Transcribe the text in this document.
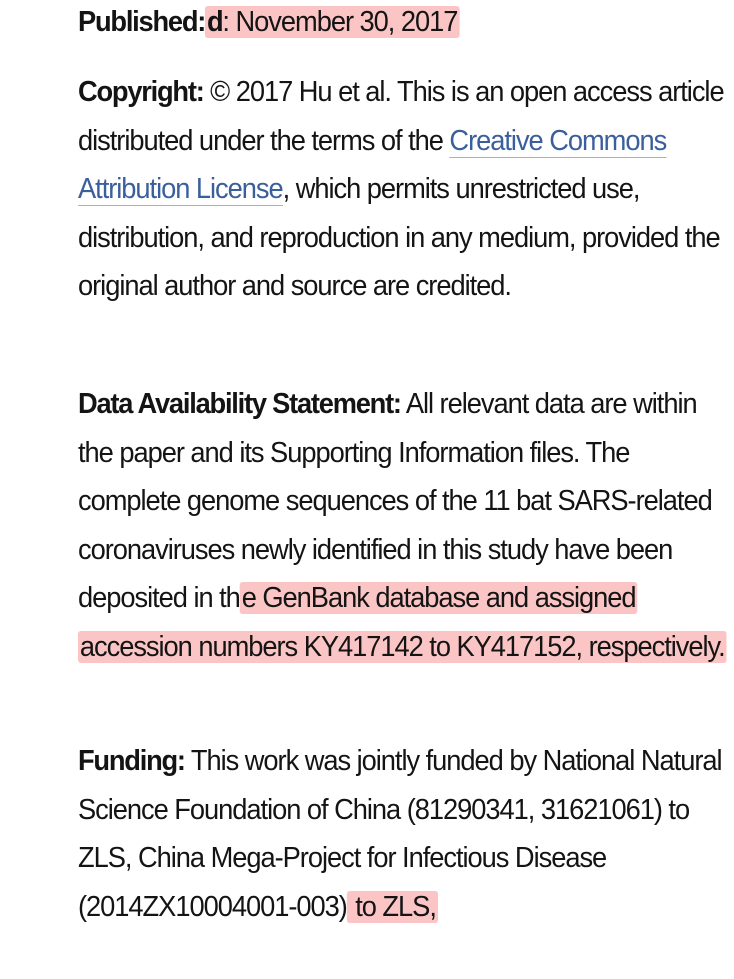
Published:d: November 30, 2017

Copyright: © 2017 Hu et al. This is an open access article distributed under the terms of the Creative Commons Attribution License, which permits unrestricted use, distribution, and reproduction in any medium, provided the original author and source are credited.

Data Availability Statement: All relevant data are within the paper and its Supporting Information files. The complete genome sequences of the 11 bat SARS-related coronaviruses newly identified in this study have been deposited in the GenBank database and assigned accession numbers KY417142 to KY417152, respectively.

Funding: This work was jointly funded by National Natural Science Foundation of China (81290341, 31621061) to ZLS, China Mega-Project for Infectious Disease (2014ZX10004001-003) to ZLS,
